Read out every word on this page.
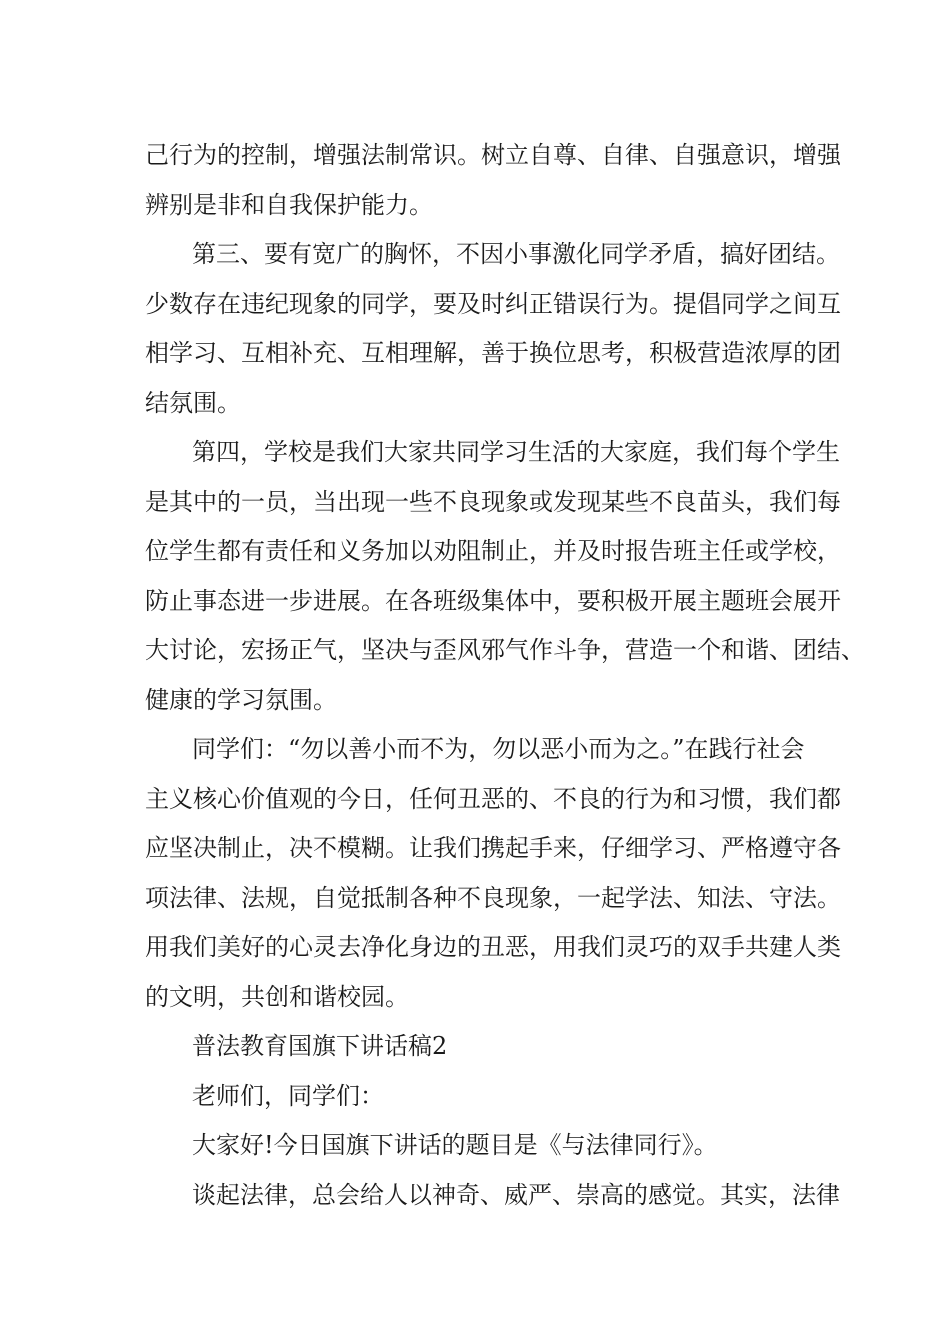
己行为的控制，增强法制常识。树立自尊、自律、自强意识，增强
辨别是非和自我保护能力。
第三、要有宽广的胸怀，不因小事激化同学矛盾，搞好团结。
少数存在违纪现象的同学，要及时纠正错误行为。提倡同学之间互
相学习、互相补充、互相理解，善于换位思考，积极营造浓厚的团
结氛围。
第四，学校是我们大家共同学习生活的大家庭，我们每个学生
是其中的一员，当出现一些不良现象或发现某些不良苗头，我们每
位学生都有责任和义务加以劝阻制止，并及时报告班主任或学校，
防止事态进一步进展。在各班级集体中，要积极开展主题班会展开
大讨论，宏扬正气，坚决与歪风邪气作斗争，营造一个和谐、团结、
健康的学习氛围。
同学们：“勿以善小而不为，勿以恶小而为之。”在践行社会
主义核心价值观的今日，任何丑恶的、不良的行为和习惯，我们都
应坚决制止，决不模糊。让我们携起手来，仔细学习、严格遵守各
项法律、法规，自觉抵制各种不良现象，一起学法、知法、守法。
用我们美好的心灵去净化身边的丑恶，用我们灵巧的双手共建人类
的文明，共创和谐校园。
普法教育国旗下讲话稿2
老师们，同学们：
大家好!今日国旗下讲话的题目是《与法律同行》。
谈起法律，总会给人以神奇、威严、崇高的感觉。其实，法律
